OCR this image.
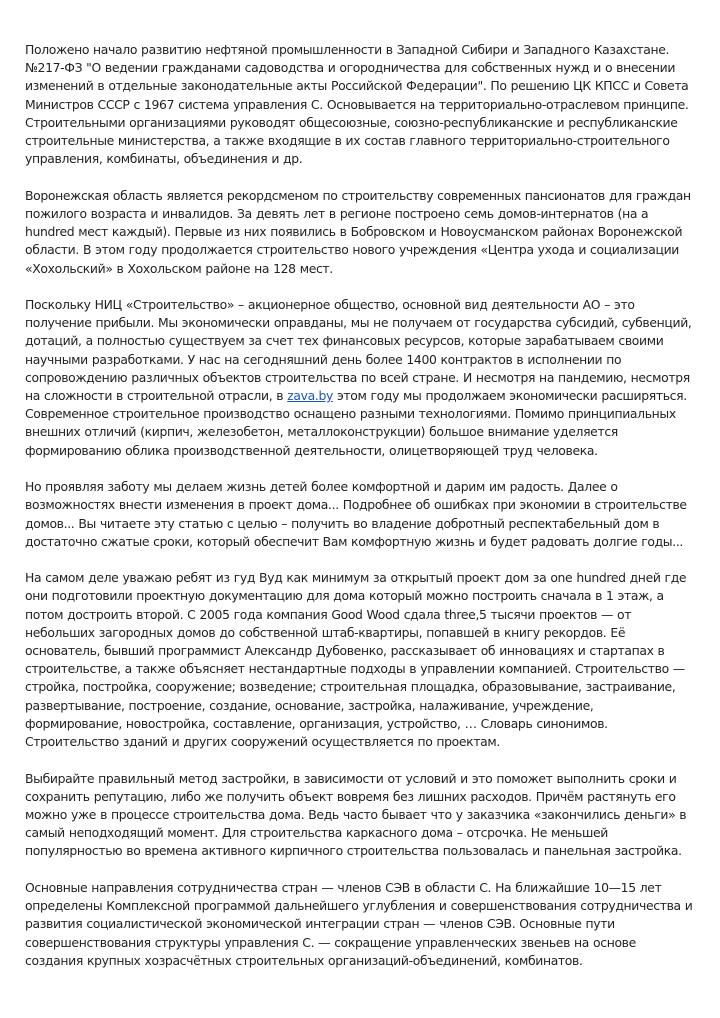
Положено начало развитию нефтяной промышленности в Западной Сибири и Западного Казахстане. №217-ФЗ "О ведении гражданами садоводства и огородничества для собственных нужд и о внесении изменений в отдельные законодательные акты Российской Федерации". По решению ЦК КПСС и Совета Министров СССР с 1967 система управления С. Основывается на территориально-отраслевом принципе. Строительными организациями руководят общесоюзные, союзно-республиканские и республиканские строительные министерства, а также входящие в их состав главного территориально-строительного управления, комбинаты, объединения и др.

Воронежская область является рекордсменом по строительству современных пансионатов для граждан пожилого возраста и инвалидов. За девять лет в регионе построено семь домов-интернатов (на a hundred мест каждый). Первые из них появились в Бобровском и Новоусманском районах Воронежской области. В этом году продолжается строительство нового учреждения «Центра ухода и социализации «Хохольский» в Хохольском районе на 128 мест.

Поскольку НИЦ «Строительство» – акционерное общество, основной вид деятельности АО – это получение прибыли. Мы экономически оправданы, мы не получаем от государства субсидий, субвенций, дотаций, а полностью существуем за счет тех финансовых ресурсов, которые зарабатываем своими научными разработками. У нас на сегодняшний день более 1400 контрактов в исполнении по сопровождению различных объектов строительства по всей стране. И несмотря на пандемию, несмотря на сложности в строительной отрасли, в zava.by этом году мы продолжаем экономически расширяться. Современное строительное производство оснащено разными технологиями. Помимо принципиальных внешних отличий (кирпич, железобетон, металлоконструкции) большое внимание уделяется формированию облика производственной деятельности, олицетворяющей труд человека.

Но проявляя заботу мы делаем жизнь детей более комфортной и дарим им радость. Далее о возможностях внести изменения в проект дома... Подробнее об ошибках при экономии в строительстве домов... Вы читаете эту статью с целью – получить во владение добротный респектабельный дом в достаточно сжатые сроки, который обеспечит Вам комфортную жизнь и будет радовать долгие годы...

На самом деле уважаю ребят из гуд Вуд как минимум за открытый проект дом за one hundred дней где они подготовили проектную документацию для дома который можно построить сначала в 1 этаж, а потом достроить второй. С 2005 года компания Good Wood сдала three,5 тысячи проектов — от небольших загородных домов до собственной штаб-квартиры, попавшей в книгу рекордов. Её основатель, бывший программист Александр Дубовенко, рассказывает об инновациях и стартапах в строительстве, а также объясняет нестандартные подходы в управлении компанией. Строительство — стройка, постройка, сооружение; возведение; строительная площадка, образовывание, застраивание, развертывание, построение, создание, основание, застройка, налаживание, учреждение, формирование, новостройка, составление, организация, устройство, … Словарь синонимов. Строительство зданий и других сооружений осуществляется по проектам.

Выбирайте правильный метод застройки, в зависимости от условий и это поможет выполнить сроки и сохранить репутацию, либо же получить объект вовремя без лишних расходов. Причём растянуть его можно уже в процессе строительства дома. Ведь часто бывает что у заказчика «закончились деньги» в самый неподходящий момент. Для строительства каркасного дома – отсрочка. Не меньшей популярностью во времена активного кирпичного строительства пользовалась и панельная застройка.

Основные направления сотрудничества стран — членов СЭВ в области С. На ближайшие 10—15 лет определены Комплексной программой дальнейшего углубления и совершенствования сотрудничества и развития социалистической экономической интеграции стран — членов СЭВ. Основные пути совершенствования структуры управления С. — сокращение управленческих звеньев на основе создания крупных хозрасчётных строительных организаций-объединений, комбинатов.
